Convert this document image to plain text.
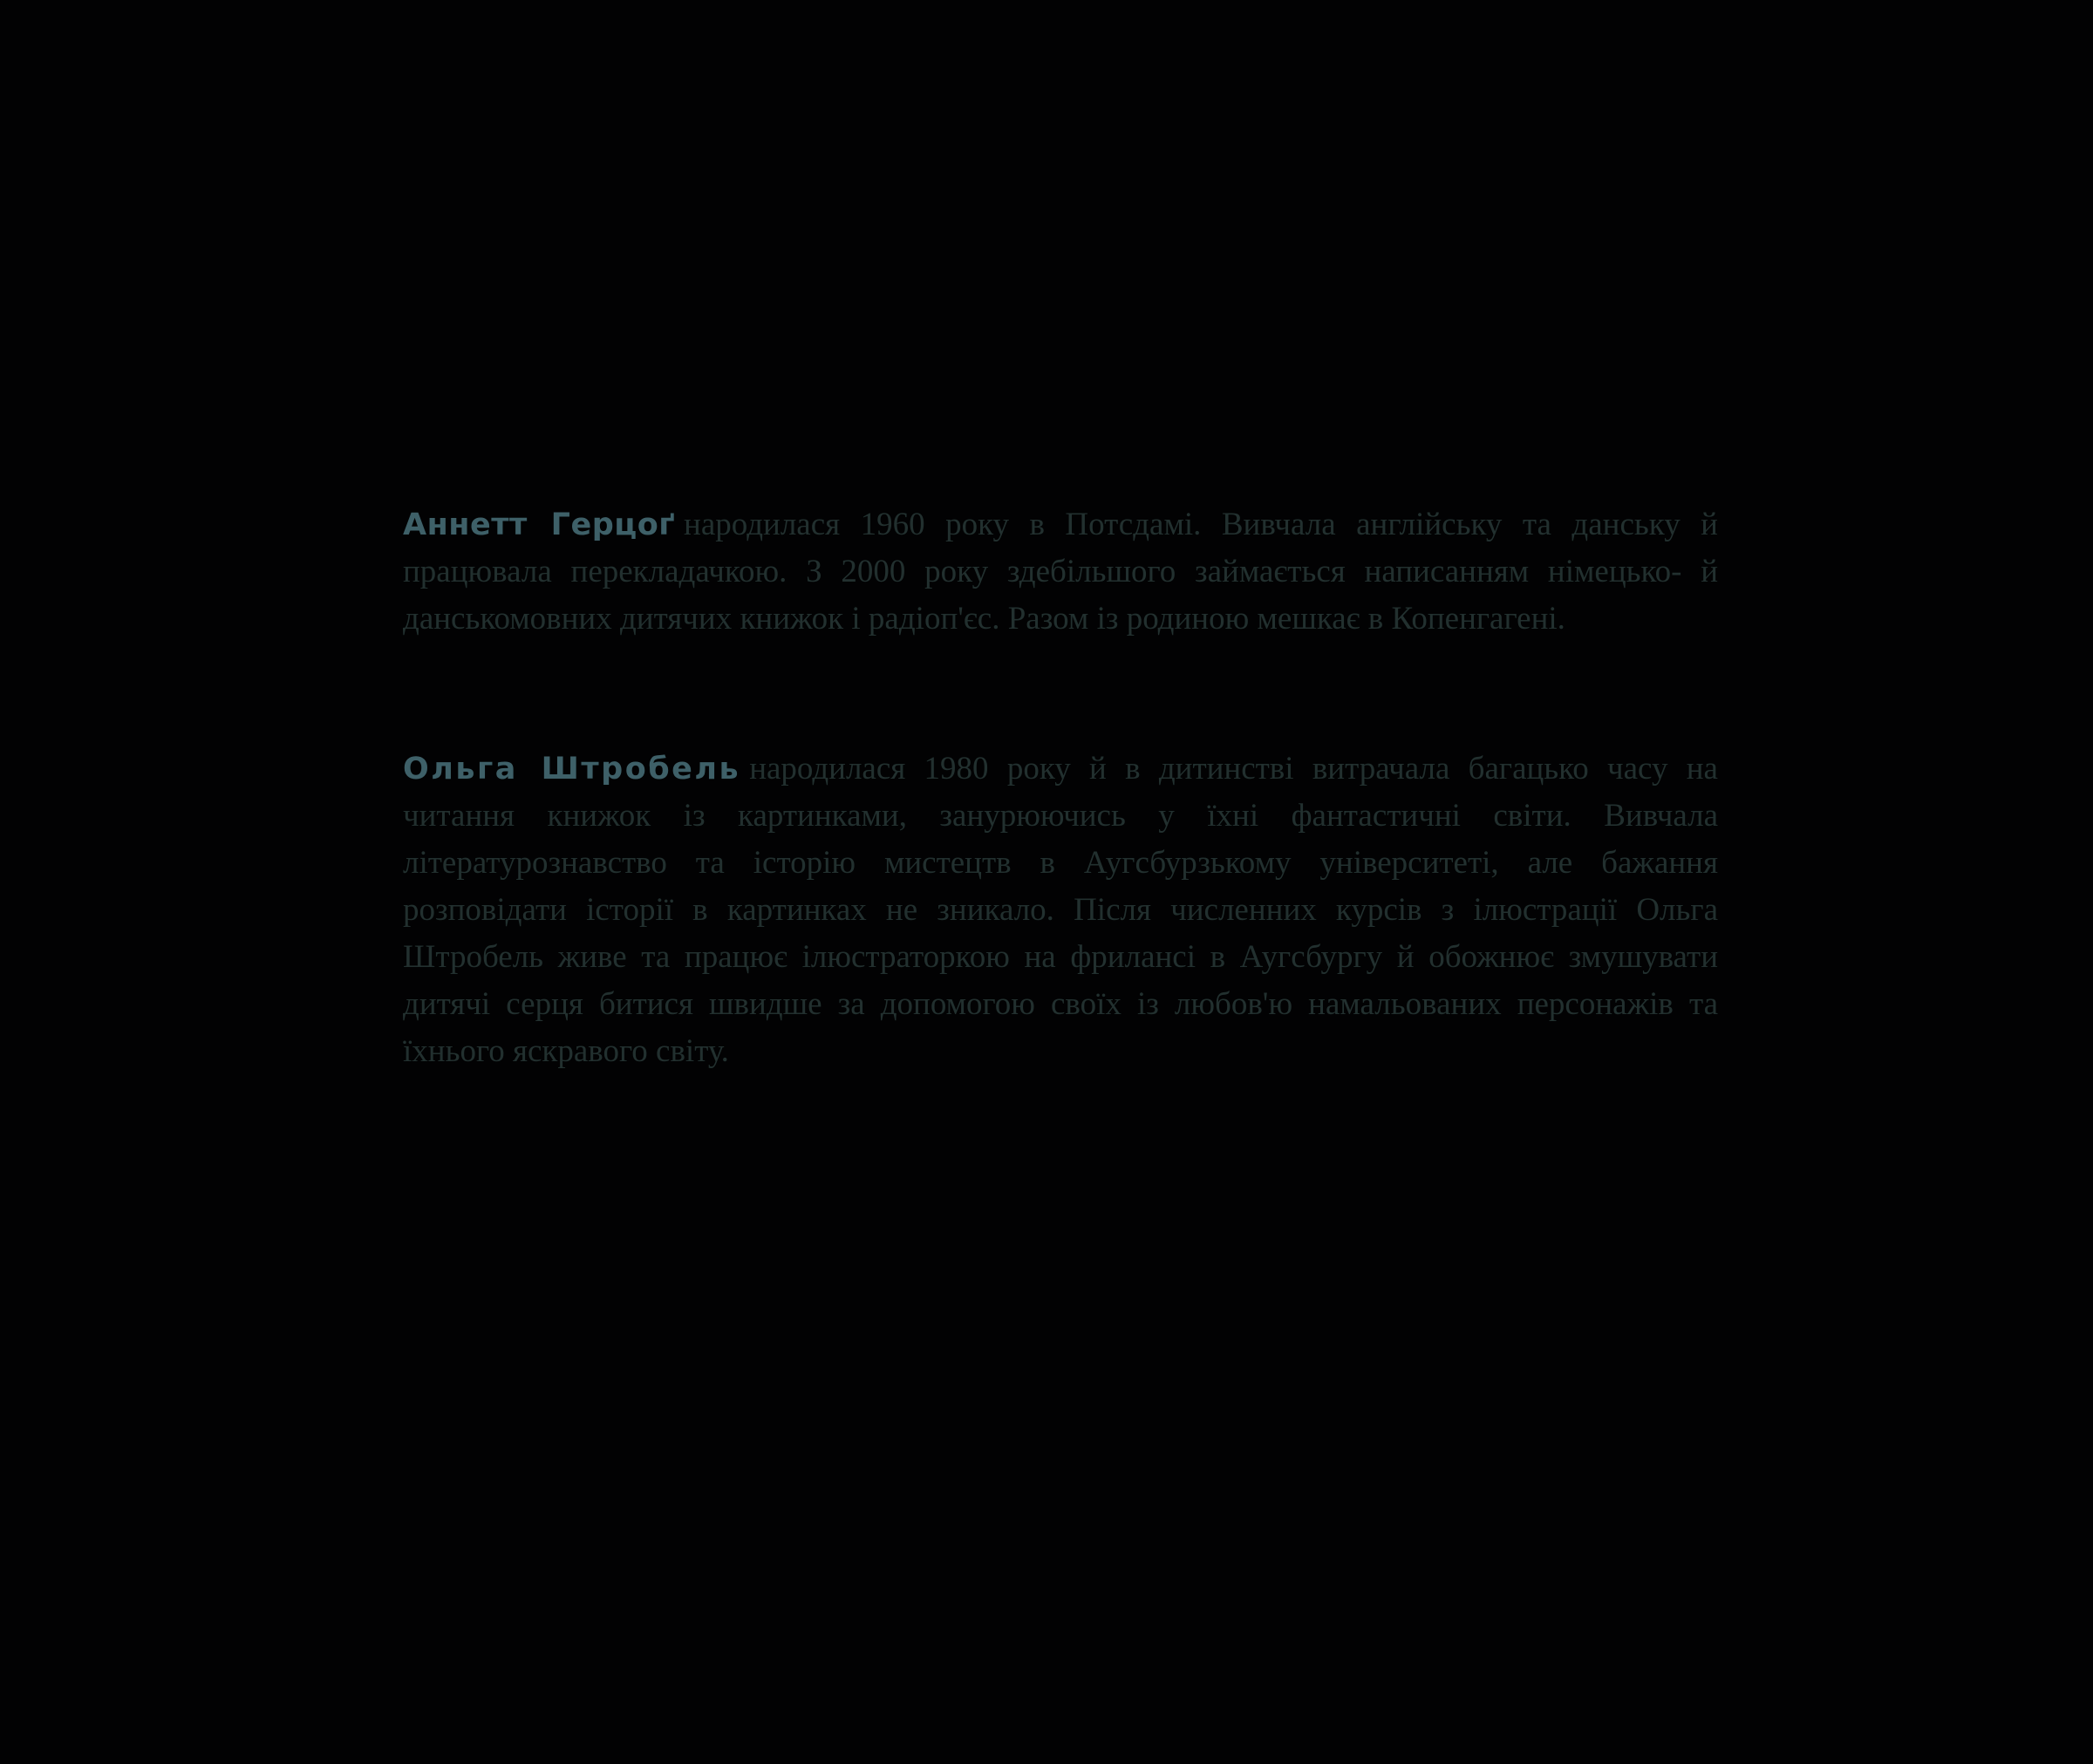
Аннетт Герцоґ народилася 1960 року в Потсдамі. Вивчала англійську та данську й працювала перекладачкою. З 2000 року здебільшого займається написанням німецько- й данськомовних дитячих книжок і радіоп'єс. Разом із родиною мешкає в Копенгагені.

Ольга Штробель народилася 1980 року й в дитинстві витрачала багацько часу на читання книжок із картинками, занурюючись у їхні фантастичні світи. Вивчала літературознавство та історію мистецтв в Аугсбурзькому університеті, але бажання розповідати історії в картинках не зникало. Після численних курсів з ілюстрації Ольга Штробель живе та працює ілюстраторкою на фрилансі в Аугсбургу й обожнює змушувати дитячі серця битися швидше за допомогою своїх із любов'ю намальованих персонажів та їхнього яскравого світу.
